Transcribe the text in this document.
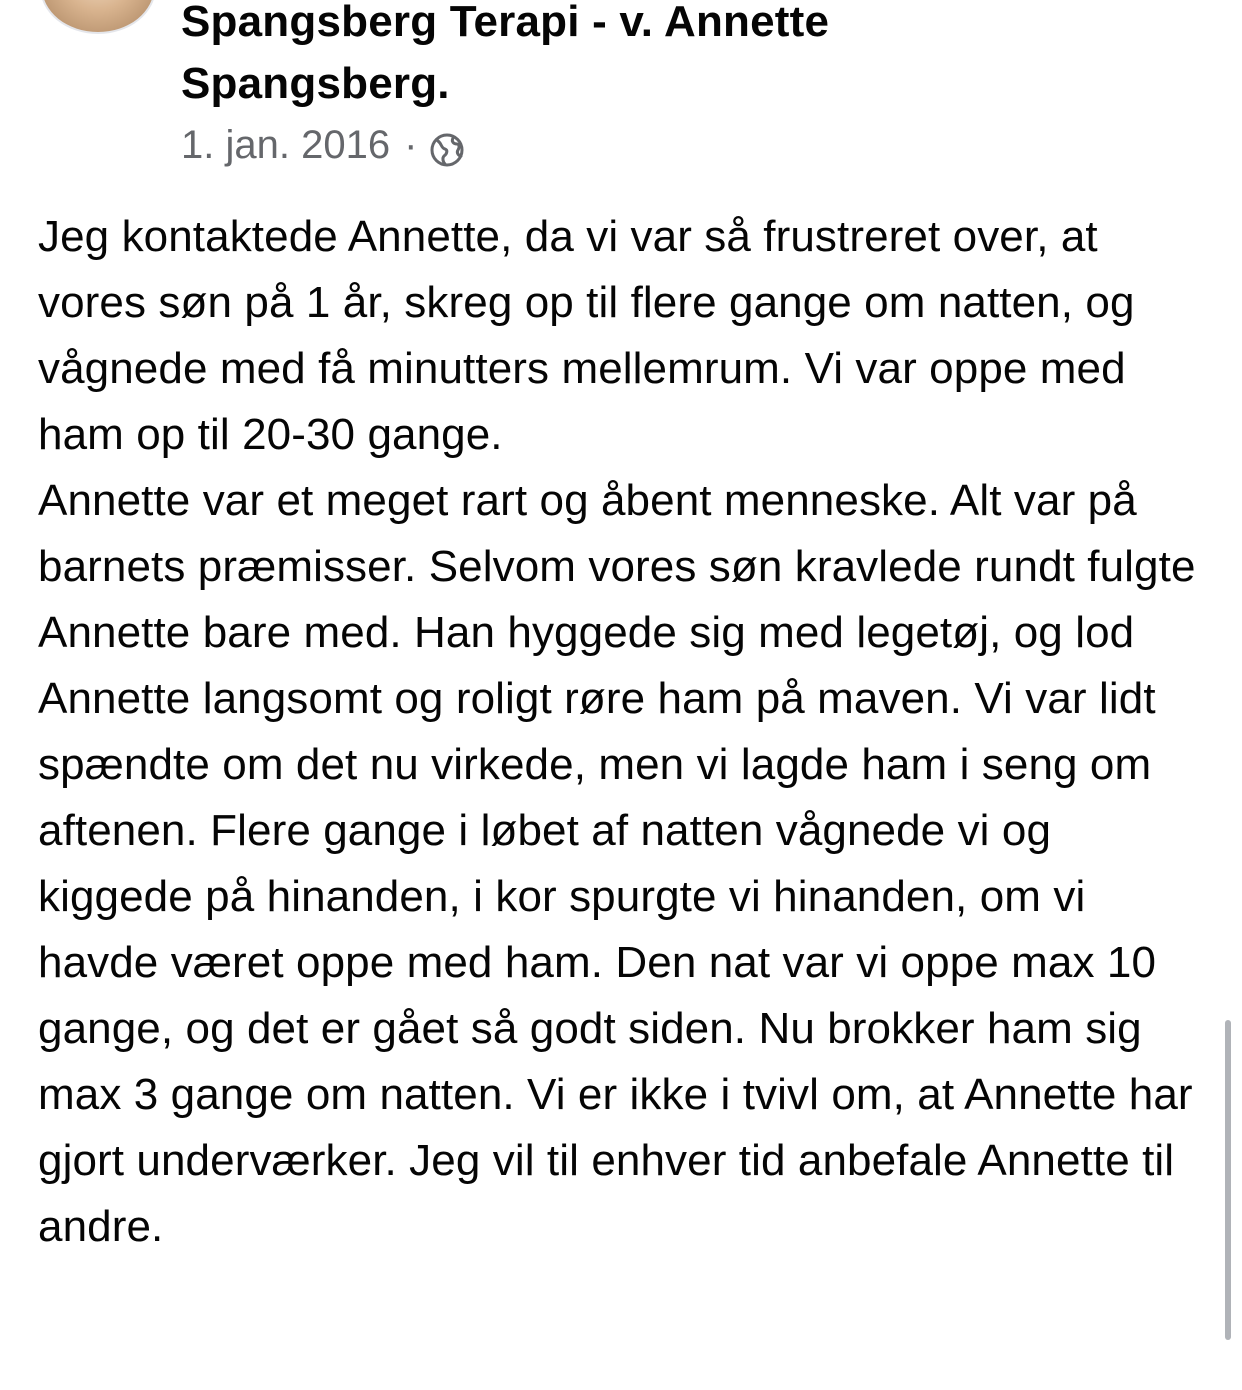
Spangsberg Terapi - v. Annette Spangsberg.
1. jan. 2016 ·
Jeg kontaktede Annette, da vi var så frustreret over, at vores søn på 1 år, skreg op til flere gange om natten, og vågnede med få minutters mellemrum. Vi var oppe med ham op til 20-30 gange.
Annette var et meget rart og åbent menneske. Alt var på barnets præmisser. Selvom vores søn kravlede rundt fulgte Annette bare med. Han hyggede sig med legetøj, og lod Annette langsomt og roligt røre ham på maven. Vi var lidt spændte om det nu virkede, men vi lagde ham i seng om aftenen. Flere gange i løbet af natten vågnede vi og kiggede på hinanden, i kor spurgte vi hinanden, om vi havde været oppe med ham. Den nat var vi oppe max 10 gange, og det er gået så godt siden. Nu brokker ham sig max 3 gange om natten. Vi er ikke i tvivl om, at Annette har gjort underværker. Jeg vil til enhver tid anbefale Annette til andre.
